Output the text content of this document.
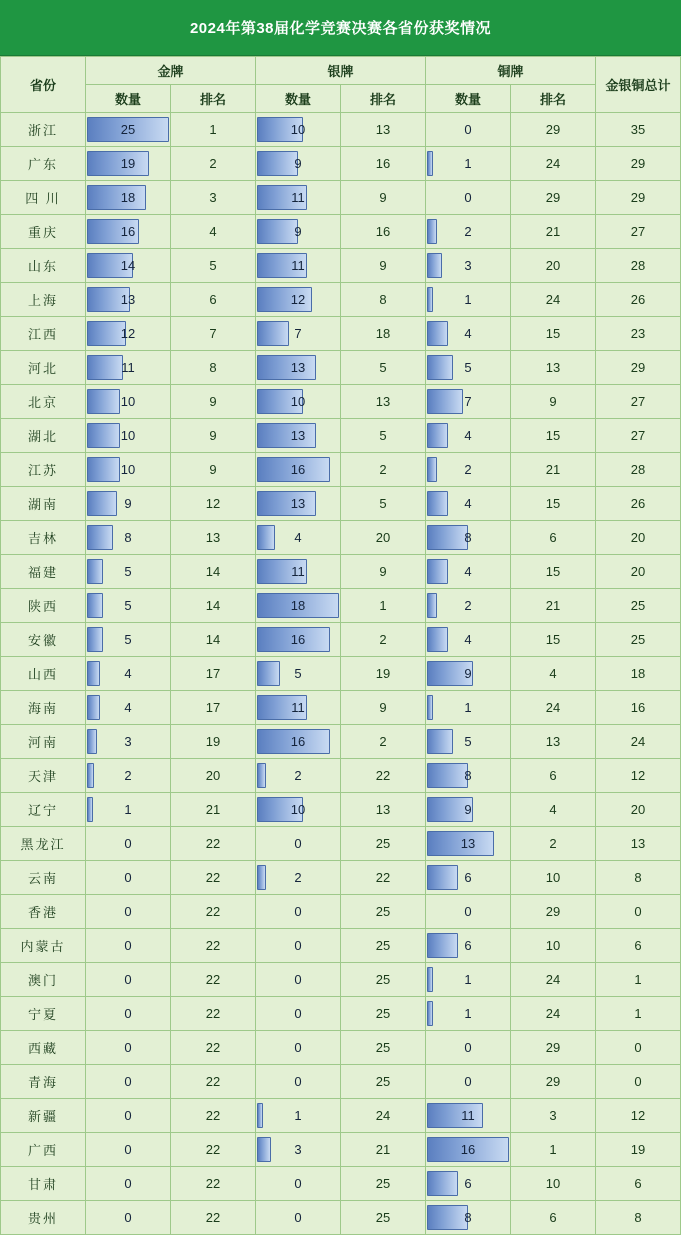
2024年第38届化学竞赛决赛各省份获奖情况
省份	金牌		银牌		铜牌		金银铜总计
	数量	排名	数量	排名	数量	排名	
浙江	25	1	10	13	0	29	35
广东	19	2	9	16	1	24	29
四 川	18	3	11	9	0	29	29
重庆	16	4	9	16	2	21	27
山东	14	5	11	9	3	20	28
上海	13	6	12	8	1	24	26
江西	12	7	7	18	4	15	23
河北	11	8	13	5	5	13	29
北京	10	9	10	13	7	9	27
湖北	10	9	13	5	4	15	27
江苏	10	9	16	2	2	21	28
湖南	9	12	13	5	4	15	26
吉林	8	13	4	20	8	6	20
福建	5	14	11	9	4	15	20
陕西	5	14	18	1	2	21	25
安徽	5	14	16	2	4	15	25
山西	4	17	5	19	9	4	18
海南	4	17	11	9	1	24	16
河南	3	19	16	2	5	13	24
天津	2	20	2	22	8	6	12
辽宁	1	21	10	13	9	4	20
黑龙江	0	22	0	25	13	2	13
云南	0	22	2	22	6	10	8
香港	0	22	0	25	0	29	0
内蒙古	0	22	0	25	6	10	6
澳门	0	22	0	25	1	24	1
宁夏	0	22	0	25	1	24	1
西藏	0	22	0	25	0	29	0
青海	0	22	0	25	0	29	0
新疆	0	22	1	24	11	3	12
广西	0	22	3	21	16	1	19
甘肃	0	22	0	25	6	10	6
贵州	0	22	0	25	8	6	8
